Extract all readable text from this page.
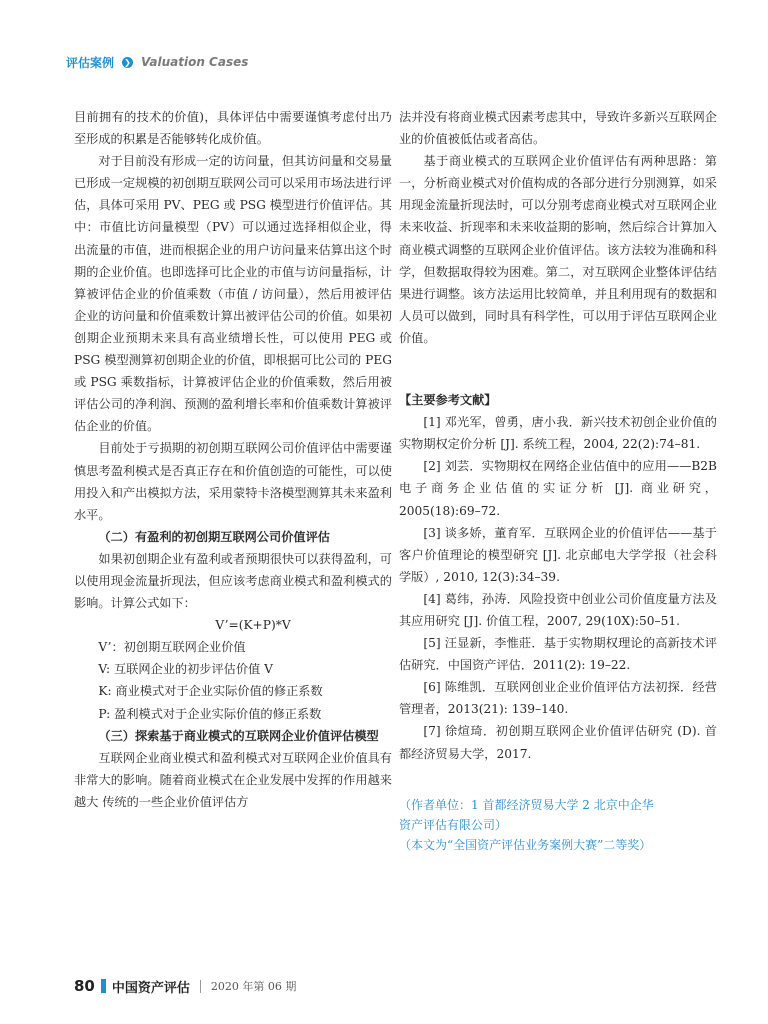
评估案例 ❯ Valuation Cases

目前拥有的技术的价值)，具体评估中需要谨慎考虑付出乃至形成的积累是否能够转化成价值。

对于目前没有形成一定的访问量，但其访问量和交易量已形成一定规模的初创期互联网公司可以采用市场法进行评估，具体可采用 PV、PEG 或 PSG 模型进行价值评估。其中：市值比访问量模型（PV）可以通过选择相似企业，得出流量的市值，进而根据企业的用户访问量来估算出这个时期的企业价值。也即选择可比企业的市值与访问量指标，计算被评估企业的价值乘数（市值 / 访问量），然后用被评估企业的访问量和价值乘数计算出被评估公司的价值。如果初创期企业预期未来具有高业绩增长性，可以使用 PEG 或 PSG 模型测算初创期企业的价值，即根据可比公司的 PEG 或 PSG 乘数指标，计算被评估企业的价值乘数，然后用被评估公司的净利润、预测的盈利增长率和价值乘数计算被评估企业的价值。

目前处于亏损期的初创期互联网公司价值评估中需要谨慎思考盈利模式是否真正存在和价值创造的可能性，可以使用投入和产出模拟方法，采用蒙特卡洛模型测算其未来盈利水平。

（二）有盈利的初创期互联网公司价值评估

如果初创期企业有盈利或者预期很快可以获得盈利，可以使用现金流量折现法，但应该考虑商业模式和盈利模式的影响。计算公式如下：

V’=(K+P)*V

V’：初创期互联网企业价值

V: 互联网企业的初步评估价值 V

K: 商业模式对于企业实际价值的修正系数

P: 盈利模式对于企业实际价值的修正系数

（三）探索基于商业模式的互联网企业价值评估模型

互联网企业商业模式和盈利模式对互联网企业价值具有非常大的影响。随着商业模式在企业发展中发挥的作用越来越大 传统的一些企业价值评估方

法并没有将商业模式因素考虑其中，导致许多新兴互联网企业的价值被低估或者高估。

基于商业模式的互联网企业价值评估有两种思路：第一，分析商业模式对价值构成的各部分进行分别测算，如采用现金流量折现法时，可以分别考虑商业模式对互联网企业未来收益、折现率和未来收益期的影响，然后综合计算加入商业模式调整的互联网企业价值评估。该方法较为准确和科学，但数据取得较为困难。第二，对互联网企业整体评估结果进行调整。该方法运用比较简单，并且利用现有的数据和人员可以做到，同时具有科学性，可以用于评估互联网企业价值。

【主要参考文献】

[1] 邓光军，曾勇，唐小我．新兴技术初创企业价值的实物期权定价分析 [J]. 系统工程，2004, 22(2):74–81.

[2] 刘芸．实物期权在网络企业估值中的应用——B2B 电子商务企业估值的实证分析 [J]. 商业研究，2005(18):69–72.

[3] 谈多娇，董育军．互联网企业的价值评估——基于客户价值理论的模型研究 [J]. 北京邮电大学学报（社会科学版）, 2010, 12(3):34–39.

[4] 葛纬，孙涛．风险投资中创业公司价值度量方法及其应用研究 [J]. 价值工程，2007, 29(10X):50–51.

[5] 汪显新，李惟莊．基于实物期权理论的高新技术评估研究．中国资产评估．2011(2): 19–22.

[6] 陈维凯．互联网创业企业价值评估方法初探．经营管理者，2013(21): 139–140.

[7] 徐煊琦．初创期互联网企业价值评估研究 (D). 首都经济贸易大学，2017.

（作者单位：1 首都经济贸易大学 2 北京中企华
资产评估有限公司）

（本文为“全国资产评估业务案例大赛”二等奖）

80 中国资产评估 2020 年第 06 期
